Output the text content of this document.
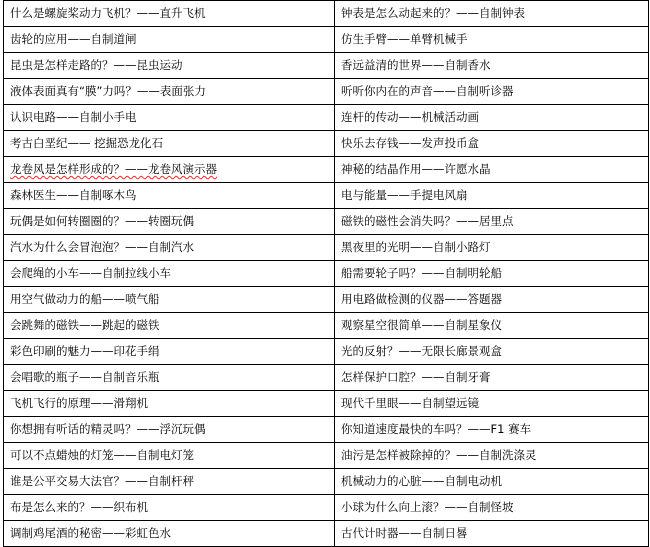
什么是螺旋桨动力飞机？——直升飞机	钟表是怎么动起来的？——自制钟表
齿轮的应用——自制道闸	仿生手臂——单臂机械手
昆虫是怎样走路的？——昆虫运动	香远益清的世界——自制香水
液体表面真有“膜”力吗？——表面张力	听听你内在的声音——自制听诊器
认识电路——自制小手电	连杆的传动——机械活动画
考古白垩纪—— 挖掘恐龙化石	快乐去存钱——发声投币盒
龙卷风是怎样形成的？——龙卷风演示器	神秘的结晶作用——许愿水晶
森林医生——自制啄木鸟	电与能量——手提电风扇
玩偶是如何转圈圈的？——转圈玩偶	磁铁的磁性会消失吗？——居里点
汽水为什么会冒泡泡？——自制汽水	黑夜里的光明——自制小路灯
会爬绳的小车——自制拉线小车	船需要轮子吗？——自制明轮船
用空气做动力的船——喷气船	用电路做检测的仪器——答题器
会跳舞的磁铁——跳起的磁铁	观察星空很简单——自制星象仪
彩色印刷的魅力——印花手绢	光的反射？——无限长廊景观盒
会唱歌的瓶子——自制音乐瓶	怎样保护口腔？——自制牙膏
飞机飞行的原理——滑翔机	现代千里眼——自制望远镜
你想拥有听话的精灵吗？——浮沉玩偶	你知道速度最快的车吗？——F1 赛车
可以不点蜡烛的灯笼——自制电灯笼	油污是怎样被除掉的？——自制洗涤灵
谁是公平交易大法官？——自制杆秤	机械动力的心脏——自制电动机
布是怎么来的？——织布机	小球为什么向上滚？——自制怪坡
调制鸡尾酒的秘密——彩虹色水	古代计时器——自制日晷
